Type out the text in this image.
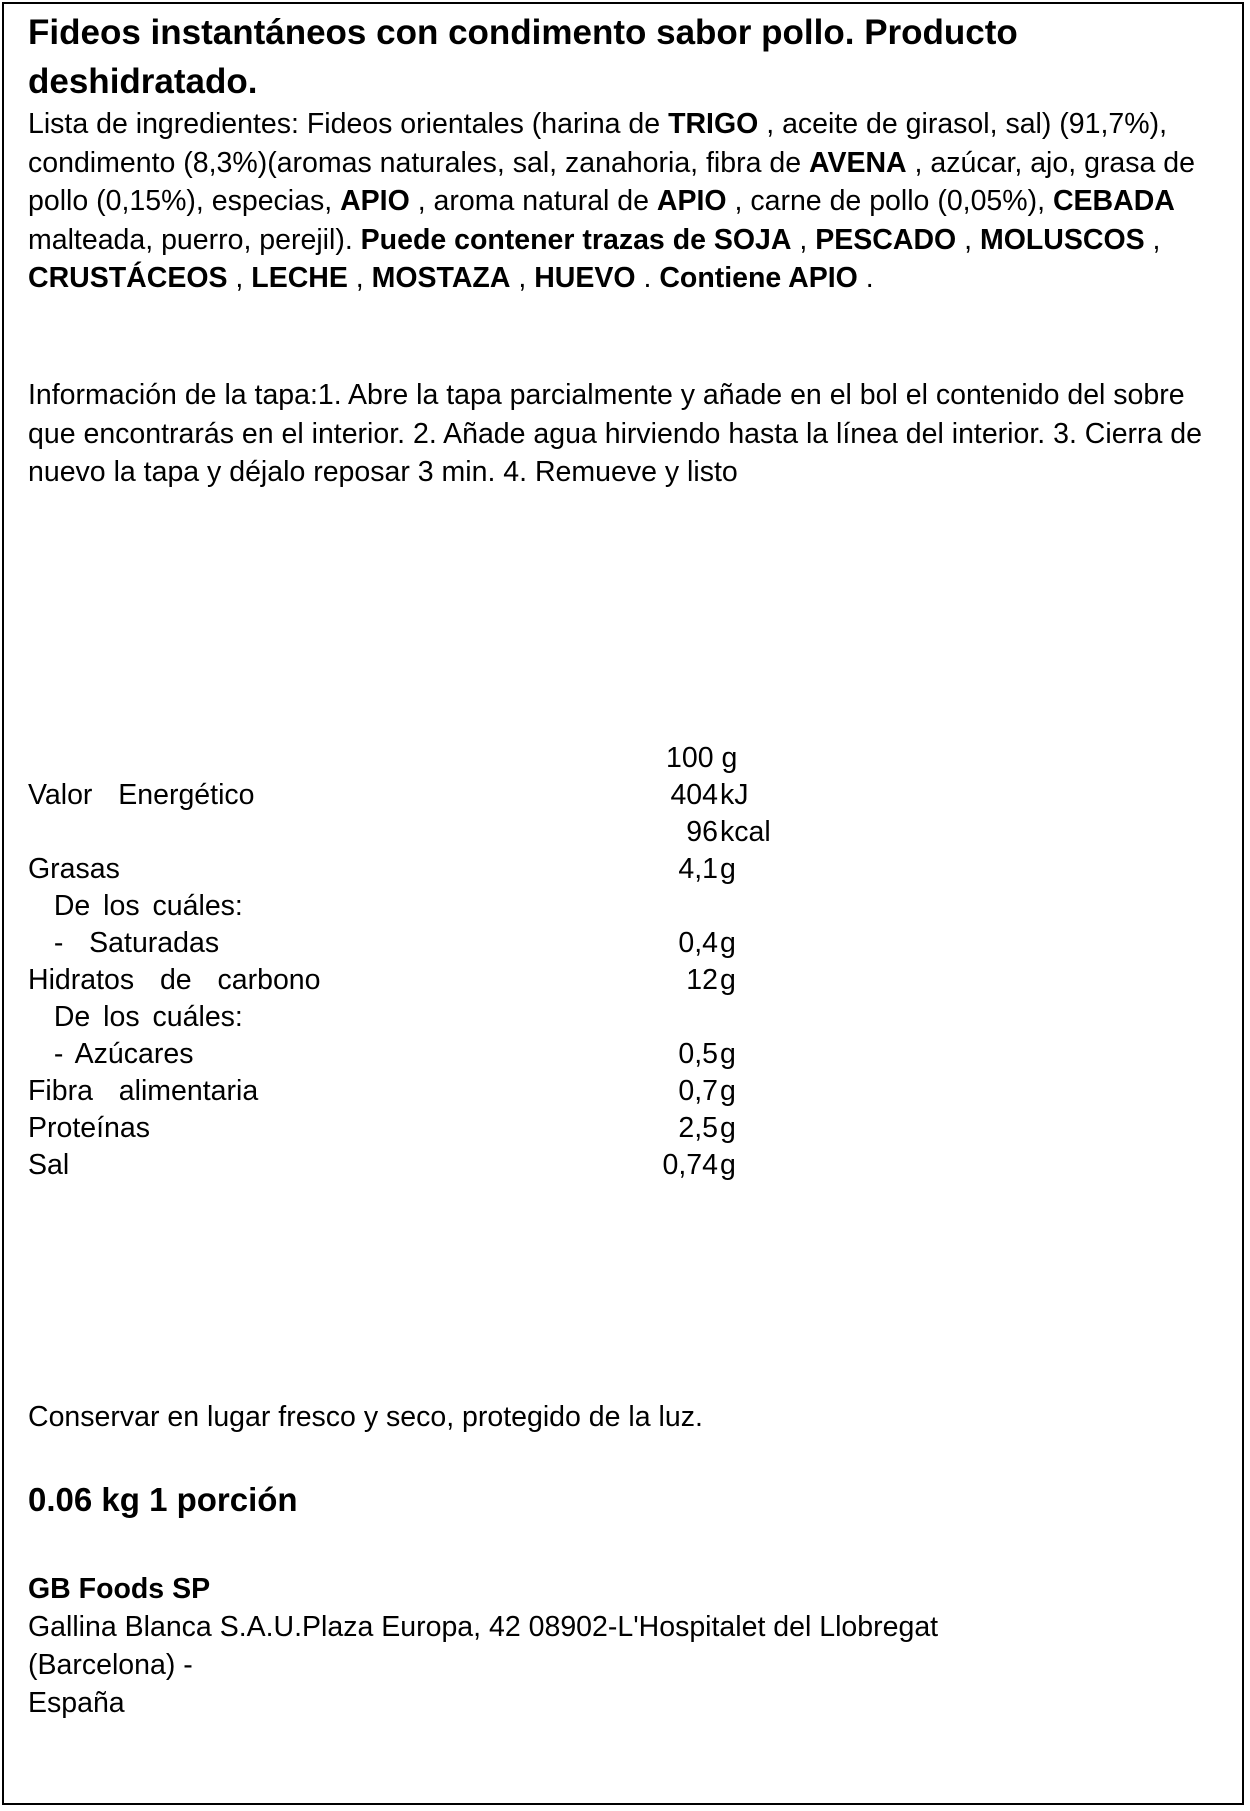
Fideos instantáneos con condimento sabor pollo. Producto deshidratado.
Lista de ingredientes: Fideos orientales (harina de TRIGO , aceite de girasol, sal) (91,7%), condimento (8,3%)(aromas naturales, sal, zanahoria, fibra de AVENA , azúcar, ajo, grasa de pollo (0,15%), especias, APIO , aroma natural de APIO , carne de pollo (0,05%), CEBADA malteada, puerro, perejil). Puede contener trazas de SOJA , PESCADO , MOLUSCOS , CRUSTÁCEOS , LECHE , MOSTAZA , HUEVO . Contiene APIO .
Información de la tapa:1. Abre la tapa parcialmente y añade en el bol el contenido del sobre que encontrarás en el interior. 2. Añade agua hirviendo hasta la línea del interior. 3. Cierra de nuevo la tapa y déjalo reposar 3 min. 4. Remueve y listo
100 g
Valor  Energético	404 kJ
96 kcal
Grasas	4,1 g
De los cuáles:
-  Saturadas	0,4 g
Hidratos  de  carbono	12 g
De los cuáles:
- Azúcares	0,5 g
Fibra  alimentaria	0,7 g
Proteínas	2,5 g
Sal	0,74 g
Conservar en lugar fresco y seco, protegido de la luz.
0.06 kg 1 porción
GB Foods SP
Gallina Blanca S.A.U.Plaza Europa, 42 08902-L'Hospitalet del Llobregat
(Barcelona) -
España
